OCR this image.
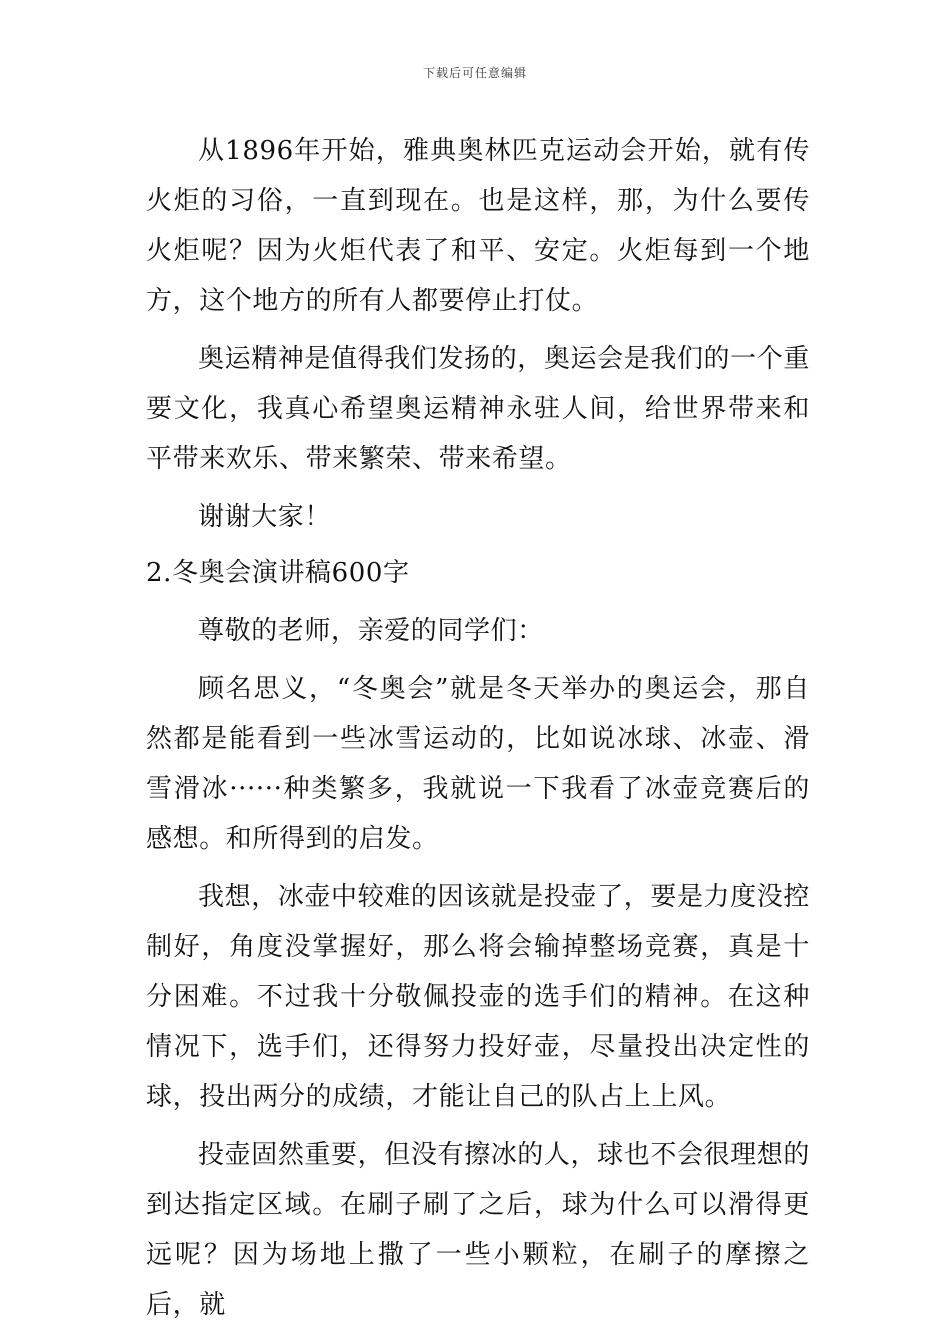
下载后可任意编辑

从1896年开始，雅典奥林匹克运动会开始，就有传火炬的习俗，一直到现在。也是这样，那，为什么要传火炬呢？因为火炬代表了和平、安定。火炬每到一个地方，这个地方的所有人都要停止打仗。

奥运精神是值得我们发扬的，奥运会是我们的一个重要文化，我真心希望奥运精神永驻人间，给世界带来和平带来欢乐、带来繁荣、带来希望。

谢谢大家！

2.冬奥会演讲稿600字

尊敬的老师，亲爱的同学们：

顾名思义，“冬奥会”就是冬天举办的奥运会，那自然都是能看到一些冰雪运动的，比如说冰球、冰壶、滑雪滑冰······种类繁多，我就说一下我看了冰壶竞赛后的感想。和所得到的启发。

我想，冰壶中较难的因该就是投壶了，要是力度没控制好，角度没掌握好，那么将会输掉整场竞赛，真是十分困难。不过我十分敬佩投壶的选手们的精神。在这种情况下，选手们，还得努力投好壶，尽量投出决定性的球，投出两分的成绩，才能让自己的队占上上风。

投壶固然重要，但没有擦冰的人，球也不会很理想的到达指定区域。在刷子刷了之后，球为什么可以滑得更远呢？因为场地上撒了一些小颗粒，在刷子的摩擦之后，就
